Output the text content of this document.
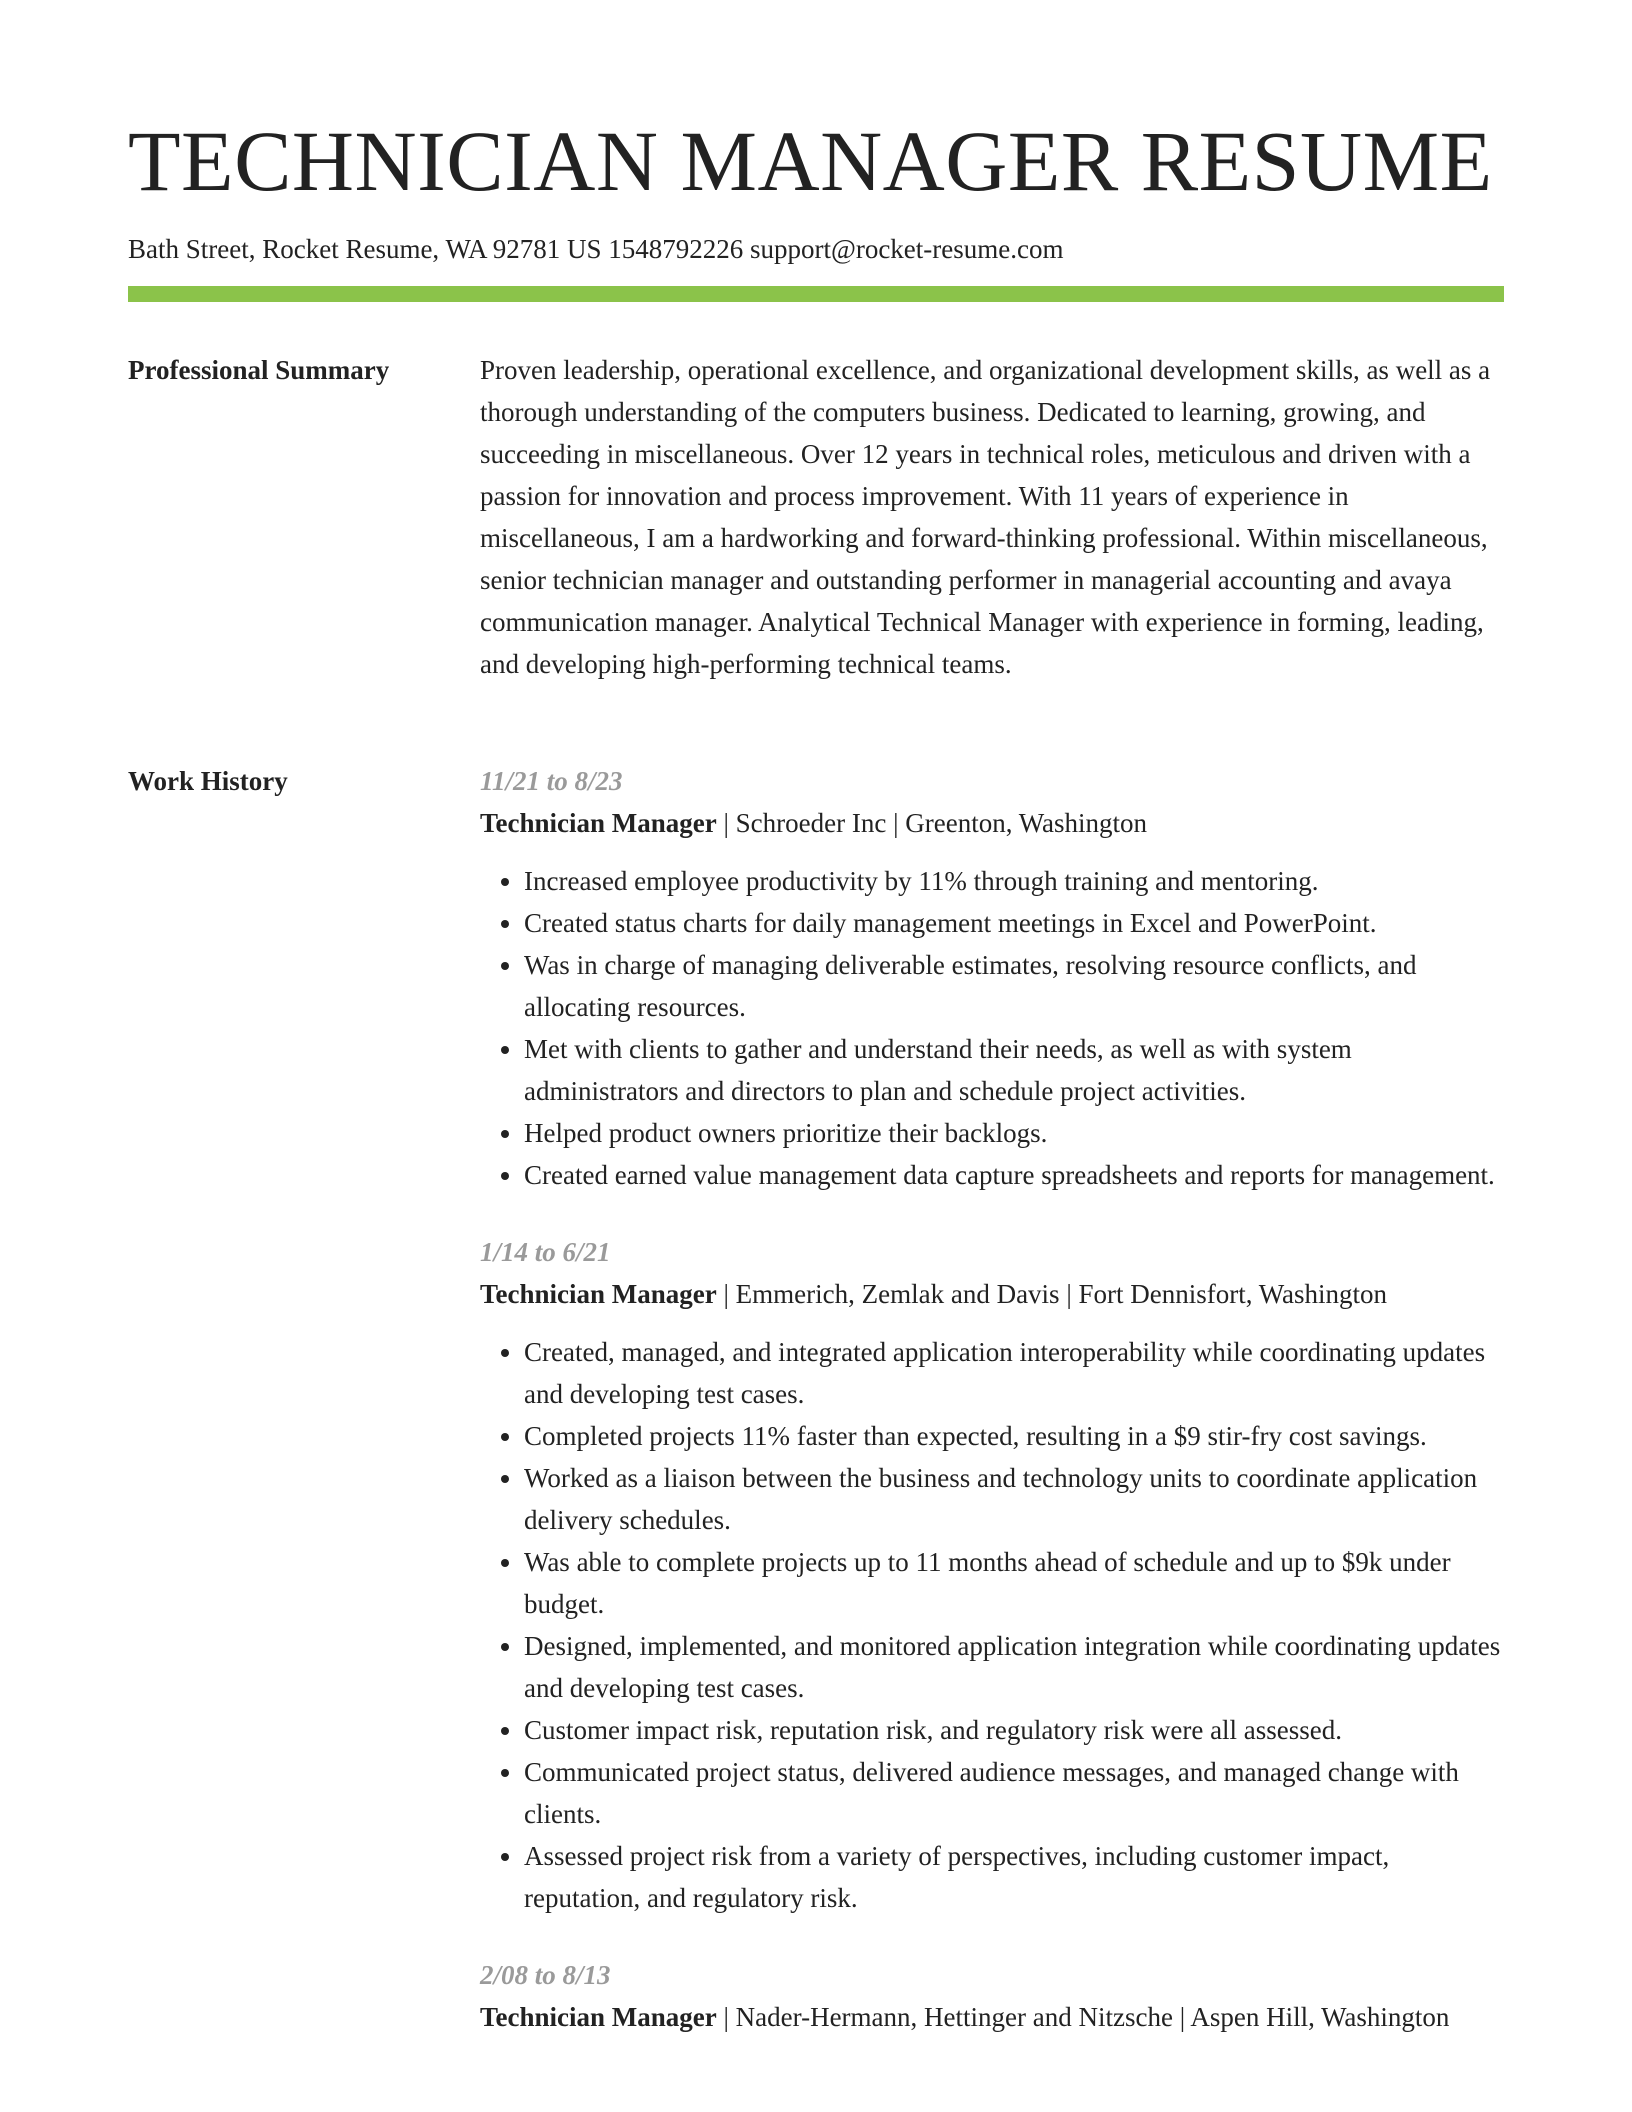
TECHNICIAN MANAGER RESUME
Bath Street, Rocket Resume, WA 92781 US 1548792226 support@rocket-resume.com
Professional Summary	Proven leadership, operational excellence, and organizational development skills, as well as a thorough understanding of the computers business. Dedicated to learning, growing, and succeeding in miscellaneous. Over 12 years in technical roles, meticulous and driven with a passion for innovation and process improvement. With 11 years of experience in miscellaneous, I am a hardworking and forward-thinking professional. Within miscellaneous, senior technician manager and outstanding performer in managerial accounting and avaya communication manager. Analytical Technical Manager with experience in forming, leading, and developing high-performing technical teams.

Work History	11/21 to 8/23
Technician Manager | Schroeder Inc | Greenton, Washington
• Increased employee productivity by 11% through training and mentoring.
• Created status charts for daily management meetings in Excel and PowerPoint.
• Was in charge of managing deliverable estimates, resolving resource conflicts, and allocating resources.
• Met with clients to gather and understand their needs, as well as with system administrators and directors to plan and schedule project activities.
• Helped product owners prioritize their backlogs.
• Created earned value management data capture spreadsheets and reports for management.
1/14 to 6/21
Technician Manager | Emmerich, Zemlak and Davis | Fort Dennisfort, Washington
• Created, managed, and integrated application interoperability while coordinating updates and developing test cases.
• Completed projects 11% faster than expected, resulting in a $9 stir-fry cost savings.
• Worked as a liaison between the business and technology units to coordinate application delivery schedules.
• Was able to complete projects up to 11 months ahead of schedule and up to $9k under budget.
• Designed, implemented, and monitored application integration while coordinating updates and developing test cases.
• Customer impact risk, reputation risk, and regulatory risk were all assessed.
• Communicated project status, delivered audience messages, and managed change with clients.
• Assessed project risk from a variety of perspectives, including customer impact, reputation, and regulatory risk.
2/08 to 8/13
Technician Manager | Nader-Hermann, Hettinger and Nitzsche | Aspen Hill, Washington
